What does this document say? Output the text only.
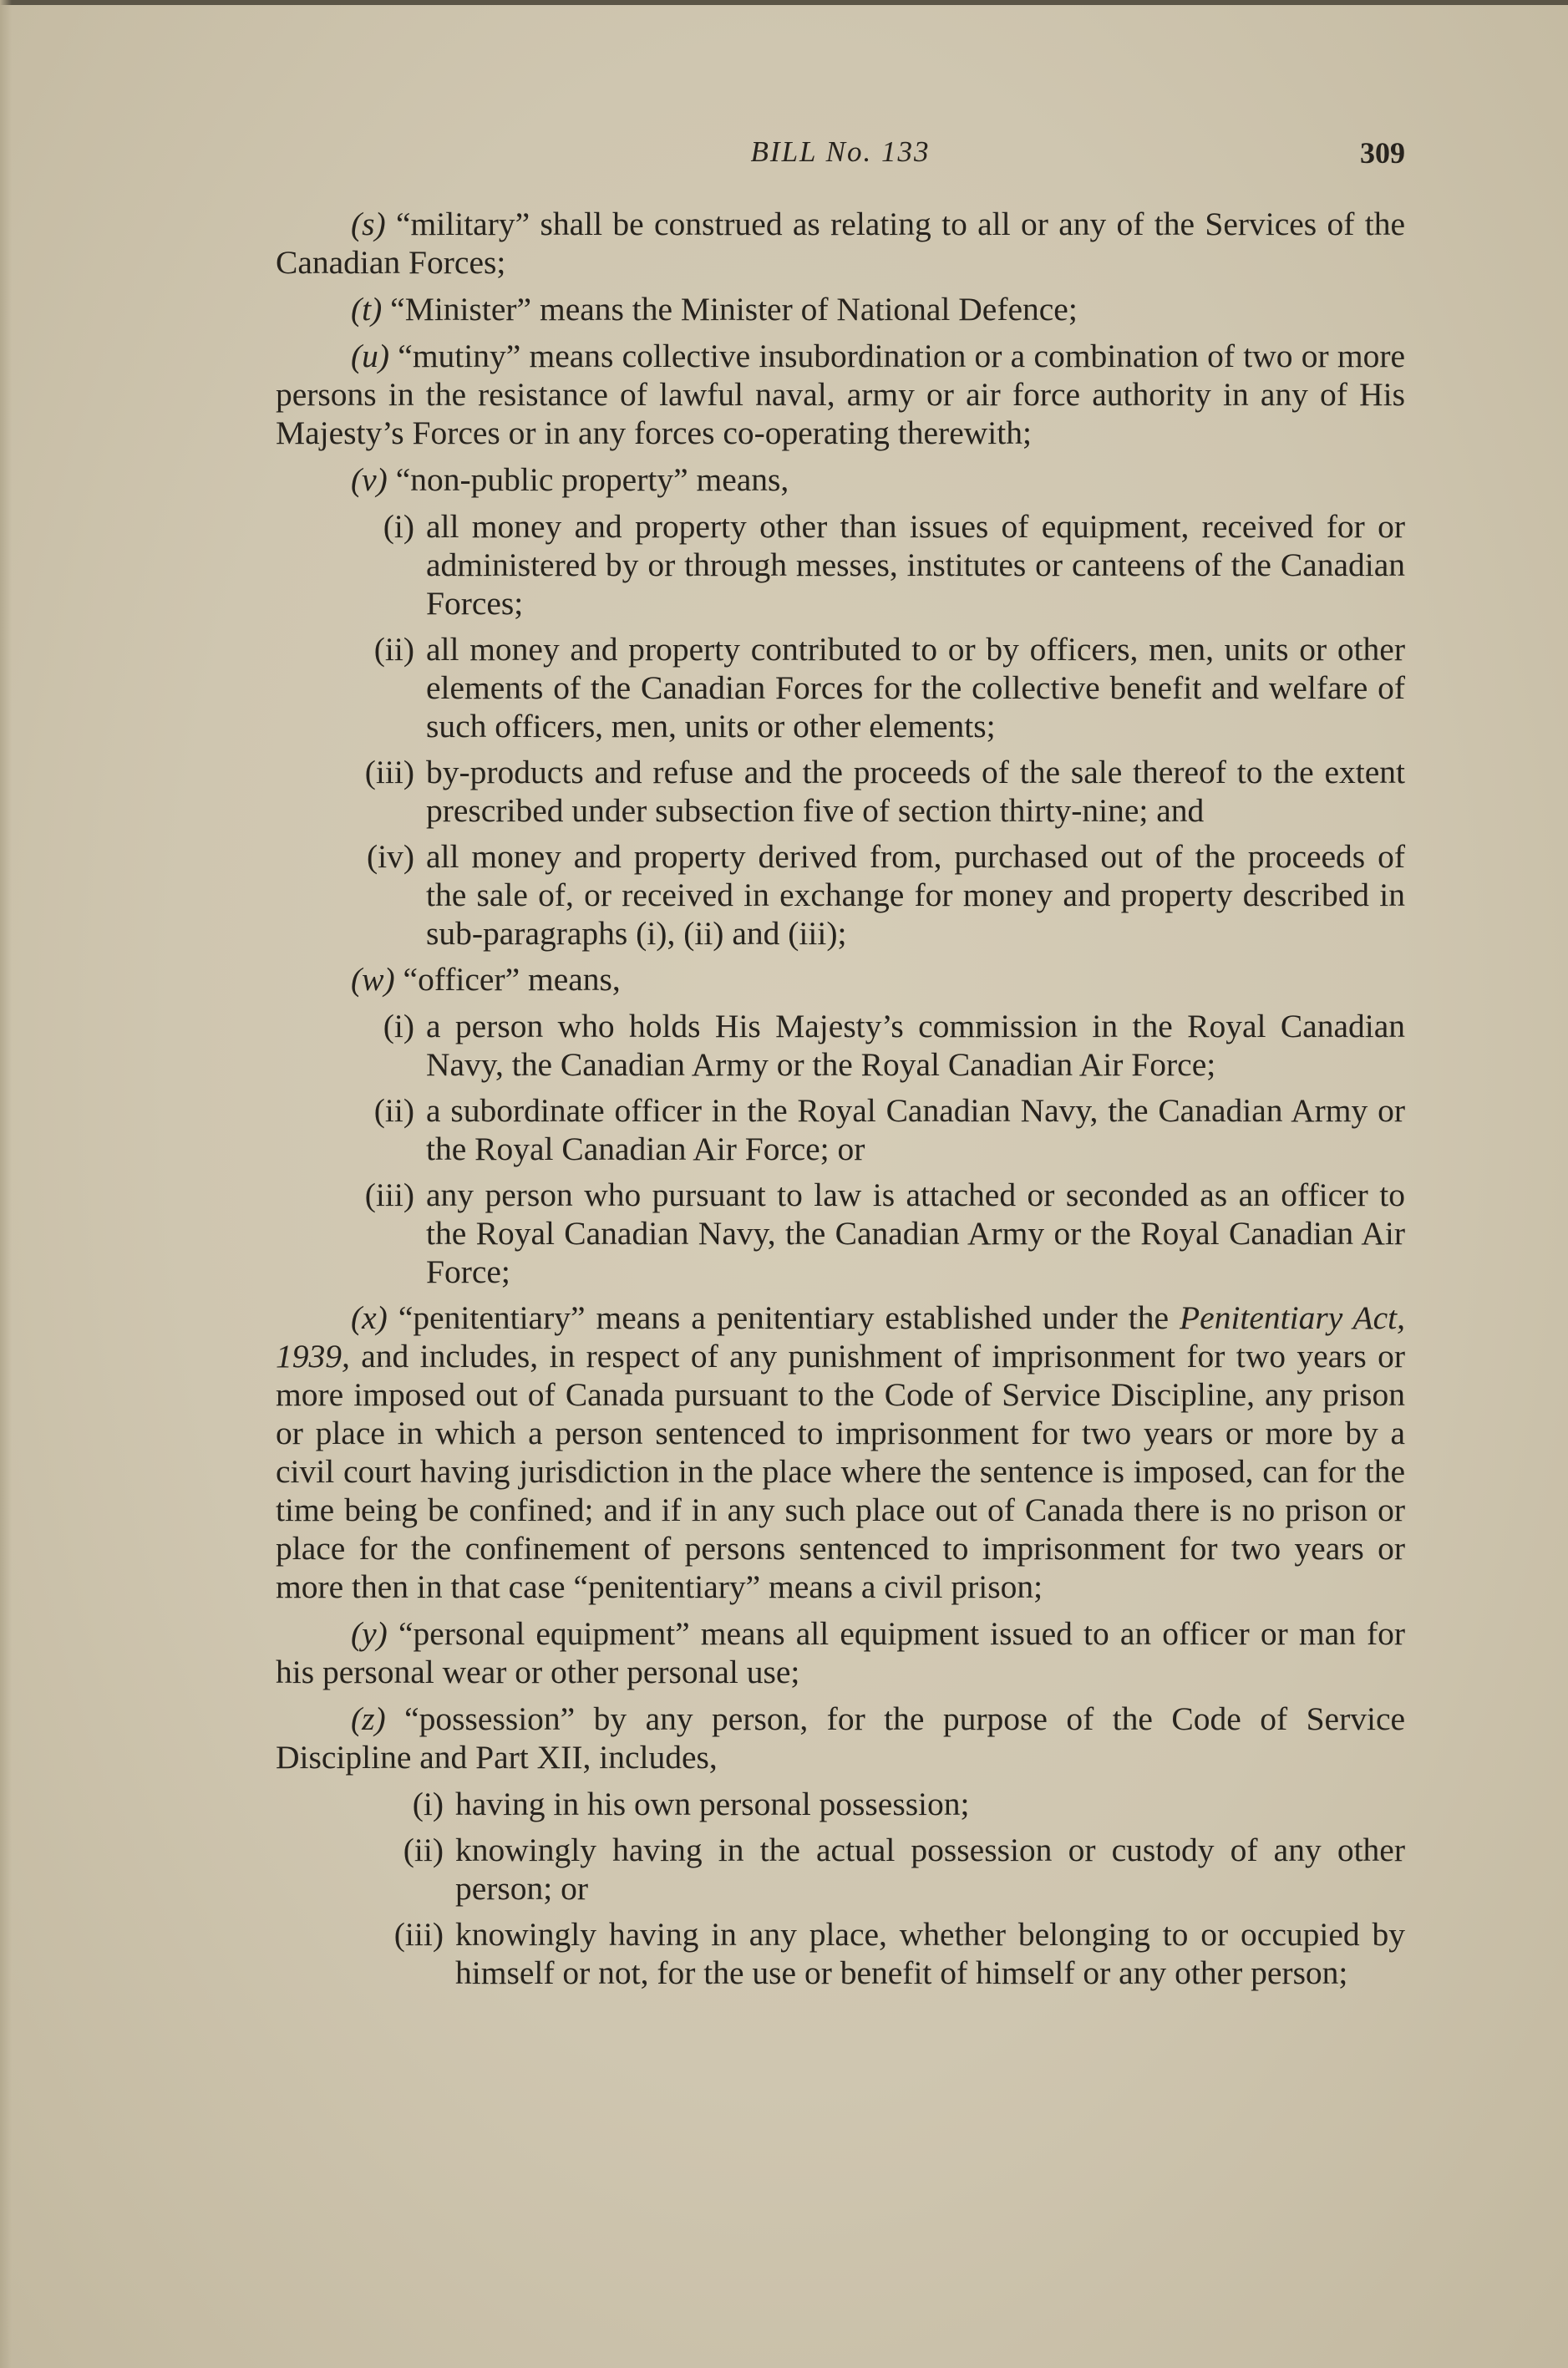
BILL No. 133	309

(s) “military” shall be construed as relating to all or any of the Services of the Canadian Forces;

(t) “Minister” means the Minister of National Defence;

(u) “mutiny” means collective insubordination or a combination of two or more persons in the resistance of lawful naval, army or air force authority in any of His Majesty’s Forces or in any forces co-operating therewith;

(v) “non-public property” means,

(i) all money and property other than issues of equipment, received for or administered by or through messes, institutes or canteens of the Canadian Forces;
(ii) all money and property contributed to or by officers, men, units or other elements of the Canadian Forces for the collective benefit and welfare of such officers, men, units or other elements;
(iii) by-products and refuse and the proceeds of the sale thereof to the extent prescribed under subsection five of section thirty-nine; and
(iv) all money and property derived from, purchased out of the proceeds of the sale of, or received in exchange for money and property described in sub-paragraphs (i), (ii) and (iii);

(w) “officer” means,

(i) a person who holds His Majesty’s commission in the Royal Canadian Navy, the Canadian Army or the Royal Canadian Air Force;
(ii) a subordinate officer in the Royal Canadian Navy, the Canadian Army or the Royal Canadian Air Force; or
(iii) any person who pursuant to law is attached or seconded as an officer to the Royal Canadian Navy, the Canadian Army or the Royal Canadian Air Force;

(x) “penitentiary” means a penitentiary established under the Penitentiary Act, 1939, and includes, in respect of any punishment of imprisonment for two years or more imposed out of Canada pursuant to the Code of Service Discipline, any prison or place in which a person sentenced to imprisonment for two years or more by a civil court having jurisdiction in the place where the sentence is imposed, can for the time being be confined; and if in any such place out of Canada there is no prison or place for the confinement of persons sentenced to imprisonment for two years or more then in that case “penitentiary” means a civil prison;

(y) “personal equipment” means all equipment issued to an officer or man for his personal wear or other personal use;

(z) “possession” by any person, for the purpose of the Code of Service Discipline and Part XII, includes,

(i) having in his own personal possession;
(ii) knowingly having in the actual possession or custody of any other person; or
(iii) knowingly having in any place, whether belonging to or occupied by himself or not, for the use or benefit of himself or any other person;
